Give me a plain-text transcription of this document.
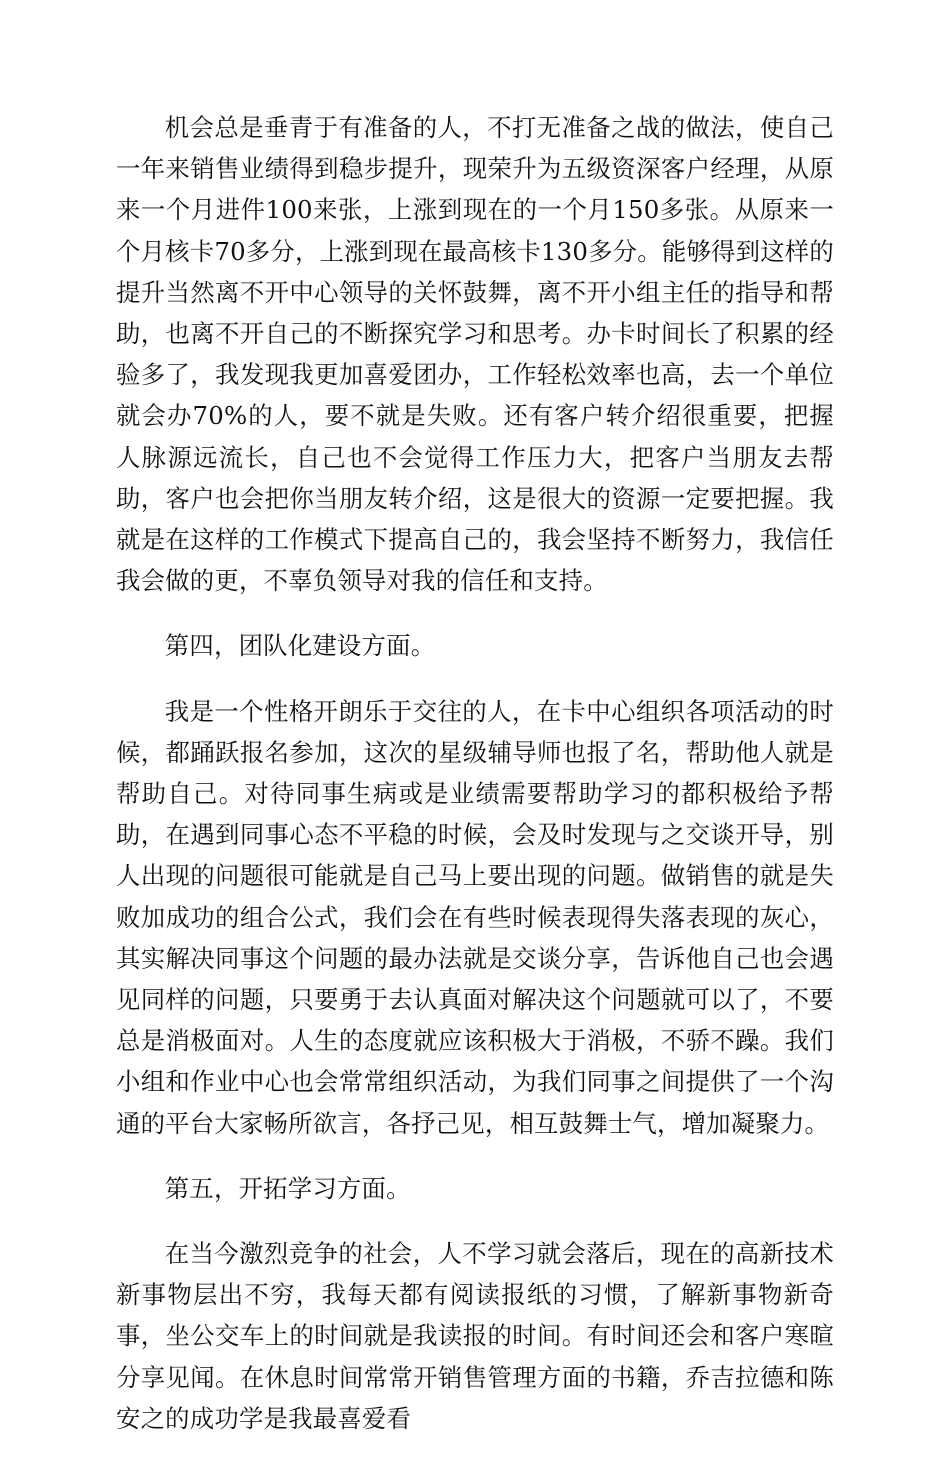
机会总是垂青于有准备的人，不打无准备之战的做法，使自己一年来销售业绩得到稳步提升，现荣升为五级资深客户经理，从原来一个月进件100来张，上涨到现在的一个月150多张。从原来一个月核卡70多分，上涨到现在最高核卡130多分。能够得到这样的提升当然离不开中心领导的关怀鼓舞，离不开小组主任的指导和帮助，也离不开自己的不断探究学习和思考。办卡时间长了积累的经验多了，我发现我更加喜爱团办，工作轻松效率也高，去一个单位就会办70%的人，要不就是失败。还有客户转介绍很重要，把握人脉源远流长，自己也不会觉得工作压力大，把客户当朋友去帮助，客户也会把你当朋友转介绍，这是很大的资源一定要把握。我就是在这样的工作模式下提高自己的，我会坚持不断努力，我信任我会做的更，不辜负领导对我的信任和支持。

第四，团队化建设方面。

我是一个性格开朗乐于交往的人，在卡中心组织各项活动的时候，都踊跃报名参加，这次的星级辅导师也报了名，帮助他人就是帮助自己。对待同事生病或是业绩需要帮助学习的都积极给予帮助，在遇到同事心态不平稳的时候，会及时发现与之交谈开导，别人出现的问题很可能就是自己马上要出现的问题。做销售的就是失败加成功的组合公式，我们会在有些时候表现得失落表现的灰心，其实解决同事这个问题的最办法就是交谈分享，告诉他自己也会遇见同样的问题，只要勇于去认真面对解决这个问题就可以了，不要总是消极面对。人生的态度就应该积极大于消极，不骄不躁。我们小组和作业中心也会常常组织活动，为我们同事之间提供了一个沟通的平台大家畅所欲言，各抒己见，相互鼓舞士气，增加凝聚力。

第五，开拓学习方面。

在当今激烈竞争的社会，人不学习就会落后，现在的高新技术新事物层出不穷，我每天都有阅读报纸的习惯，了解新事物新奇事，坐公交车上的时间就是我读报的时间。有时间还会和客户寒暄分享见闻。在休息时间常常开销售管理方面的书籍，乔吉拉德和陈安之的成功学是我最喜爱看
